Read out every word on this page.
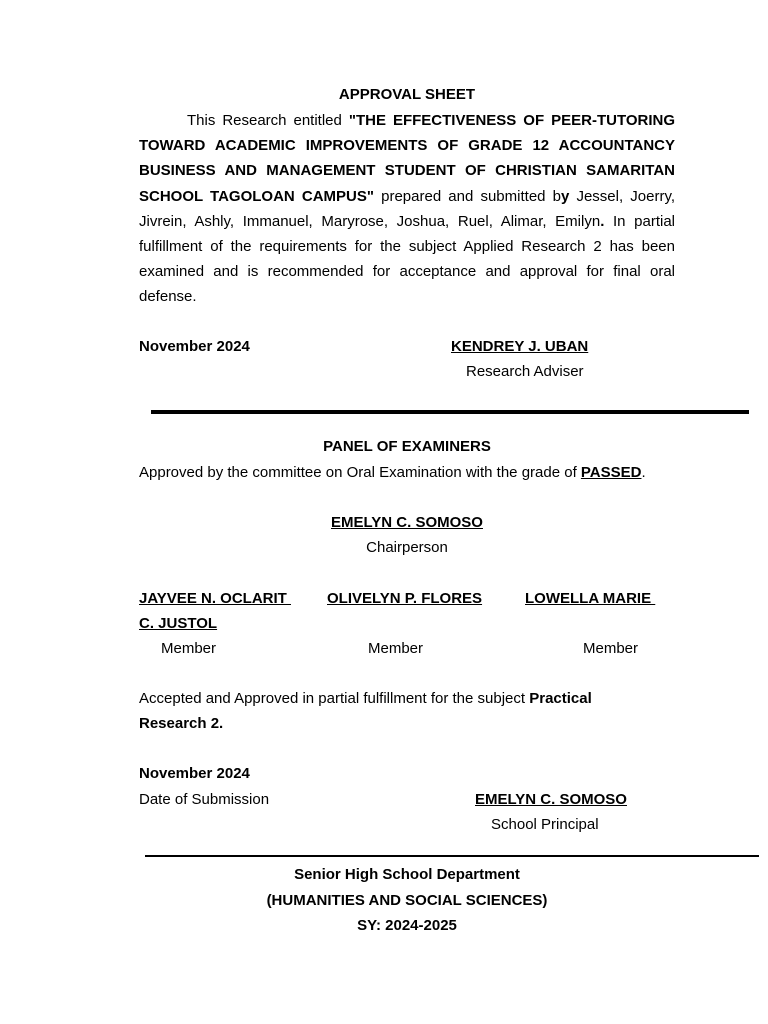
APPROVAL SHEET
This Research entitled "THE EFFECTIVENESS OF PEER-TUTORING TOWARD ACADEMIC IMPROVEMENTS OF GRADE 12 ACCOUNTANCY BUSINESS AND MANAGEMENT STUDENT OF CHRISTIAN SAMARITAN SCHOOL TAGOLOAN CAMPUS" prepared and submitted by Jessel, Joerry, Jivrein, Ashly, Immanuel, Maryrose, Joshua, Ruel, Alimar, Emilyn. In partial fulfillment of the requirements for the subject Applied Research 2 has been examined and is recommended for acceptance and approval for final oral defense.
November 2024	KENDREY J. UBAN
Research Adviser
PANEL OF EXAMINERS
Approved by the committee on Oral Examination with the grade of PASSED.
EMELYN C. SOMOSO
Chairperson
JAYVEE N. OCLARIT OLIVELYN P. FLORES	LOWELLA MARIE
C. JUSTOL
Member	Member	Member
Accepted and Approved in partial fulfillment for the subject Practical
Research 2.
November 2024
Date of Submission	EMELYN C. SOMOSO
School Principal
Senior High School Department
(HUMANITIES AND SOCIAL SCIENCES)
SY: 2024-2025
